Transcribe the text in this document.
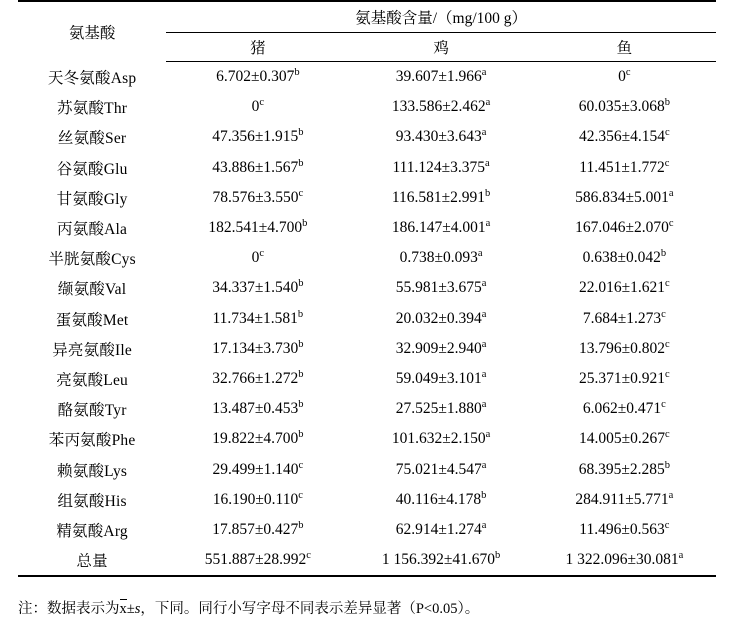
氨基酸	氨基酸含量/（mg/100 g）		
	猪	鸡	鱼
天冬氨酸Asp	6.702±0.307$^b$	39.607±1.966$^a$	0$^c$
苏氨酸Thr	0$^c$	133.586±2.462$^a$	60.035±3.068$^b$
丝氨酸Ser	47.356±1.915$^b$	93.430±3.643$^a$	42.356±4.154$^c$
谷氨酸Glu	43.886±1.567$^b$	111.124±3.375$^a$	11.451±1.772$^c$
甘氨酸Gly	78.576±3.550$^c$	116.581±2.991$^b$	586.834±5.001$^a$
丙氨酸Ala	182.541±4.700$^b$	186.147±4.001$^a$	167.046±2.070$^c$
半胱氨酸Cys	0$^c$	0.738±0.093$^a$	0.638±0.042$^b$
缬氨酸Val	34.337±1.540$^b$	55.981±3.675$^a$	22.016±1.621$^c$
蛋氨酸Met	11.734±1.581$^b$	20.032±0.394$^a$	7.684±1.273$^c$
异亮氨酸Ile	17.134±3.730$^b$	32.909±2.940$^a$	13.796±0.802$^c$
亮氨酸Leu	32.766±1.272$^b$	59.049±3.101$^a$	25.371±0.921$^c$
酪氨酸Tyr	13.487±0.453$^b$	27.525±1.880$^a$	6.062±0.471$^c$
苯丙氨酸Phe	19.822±4.700$^b$	101.632±2.150$^a$	14.005±0.267$^c$
赖氨酸Lys	29.499±1.140$^c$	75.021±4.547$^a$	68.395±2.285$^b$
组氨酸His	16.190±0.110$^c$	40.116±4.178$^b$	284.911±5.771$^a$
精氨酸Arg	17.857±0.427$^b$	62.914±1.274$^a$	11.496±0.563$^c$
总量	551.887±28.992$^c$	1 156.392±41.670$^b$	1 322.096±30.081$^a$
注：数据表示为x±s，下同。同行小写字母不同表示差异显著（P<0.05）。
